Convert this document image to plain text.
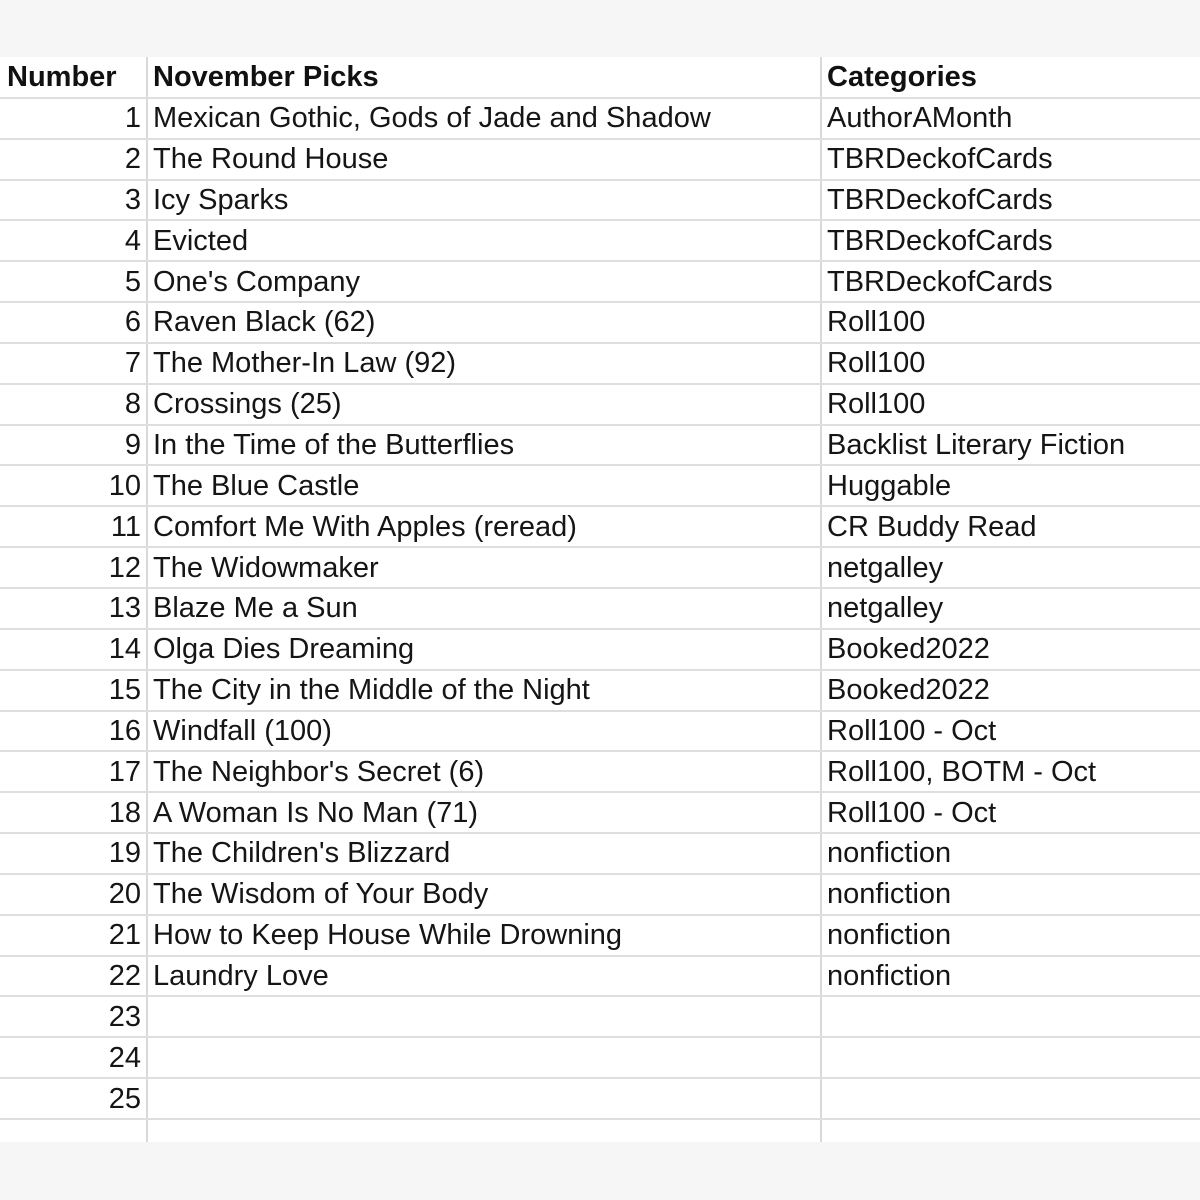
Number	November Picks	Categories
1	Mexican Gothic, Gods of Jade and Shadow	AuthorAMonth
2	The Round House	TBRDeckofCards
3	Icy Sparks	TBRDeckofCards
4	Evicted	TBRDeckofCards
5	One's Company	TBRDeckofCards
6	Raven Black (62)	Roll100
7	The Mother-In Law (92)	Roll100
8	Crossings (25)	Roll100
9	In the Time of the Butterflies	Backlist Literary Fiction
10	The Blue Castle	Huggable
11	Comfort Me With Apples (reread)	CR Buddy Read
12	The Widowmaker	netgalley
13	Blaze Me a Sun	netgalley
14	Olga Dies Dreaming	Booked2022
15	The City in the Middle of the Night	Booked2022
16	Windfall (100)	Roll100 - Oct
17	The Neighbor's Secret (6)	Roll100, BOTM - Oct
18	A Woman Is No Man (71)	Roll100 - Oct
19	The Children's Blizzard	nonfiction
20	The Wisdom of Your Body	nonfiction
21	How to Keep House While Drowning	nonfiction
22	Laundry Love	nonfiction
23		
24		
25		
